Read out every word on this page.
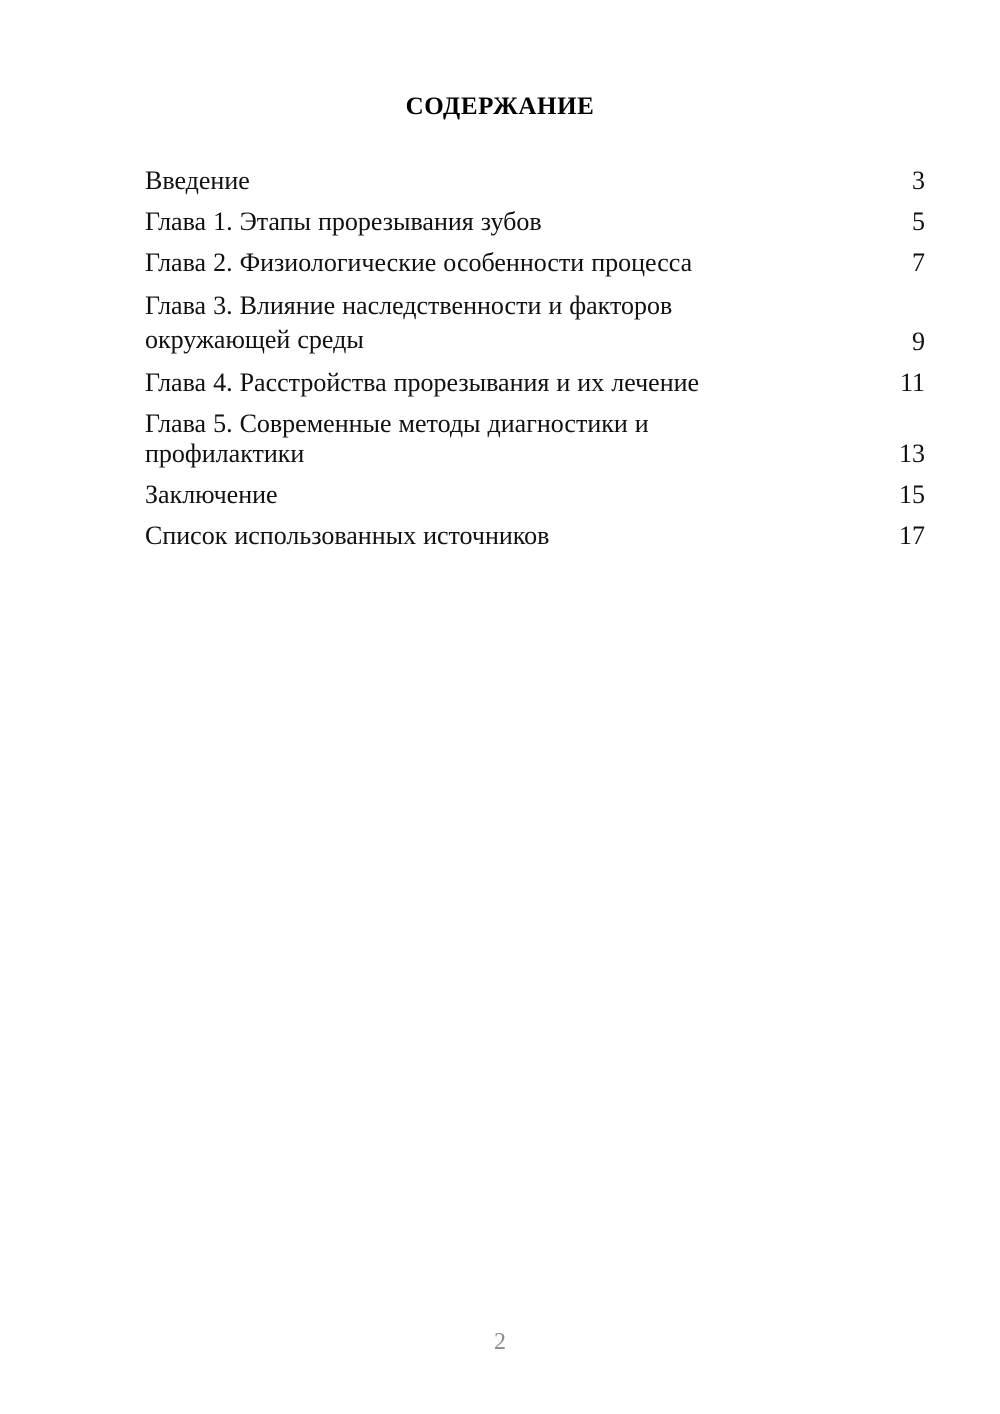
СОДЕРЖАНИЕ
Введение	3
Глава 1. Этапы прорезывания зубов	5
Глава 2. Физиологические особенности процесса	7
Глава 3. Влияние наследственности и факторов окружающей среды	9
Глава 4. Расстройства прорезывания и их лечение	11
Глава 5. Современные методы диагностики и профилактики	13
Заключение	15
Список использованных источников	17
2
